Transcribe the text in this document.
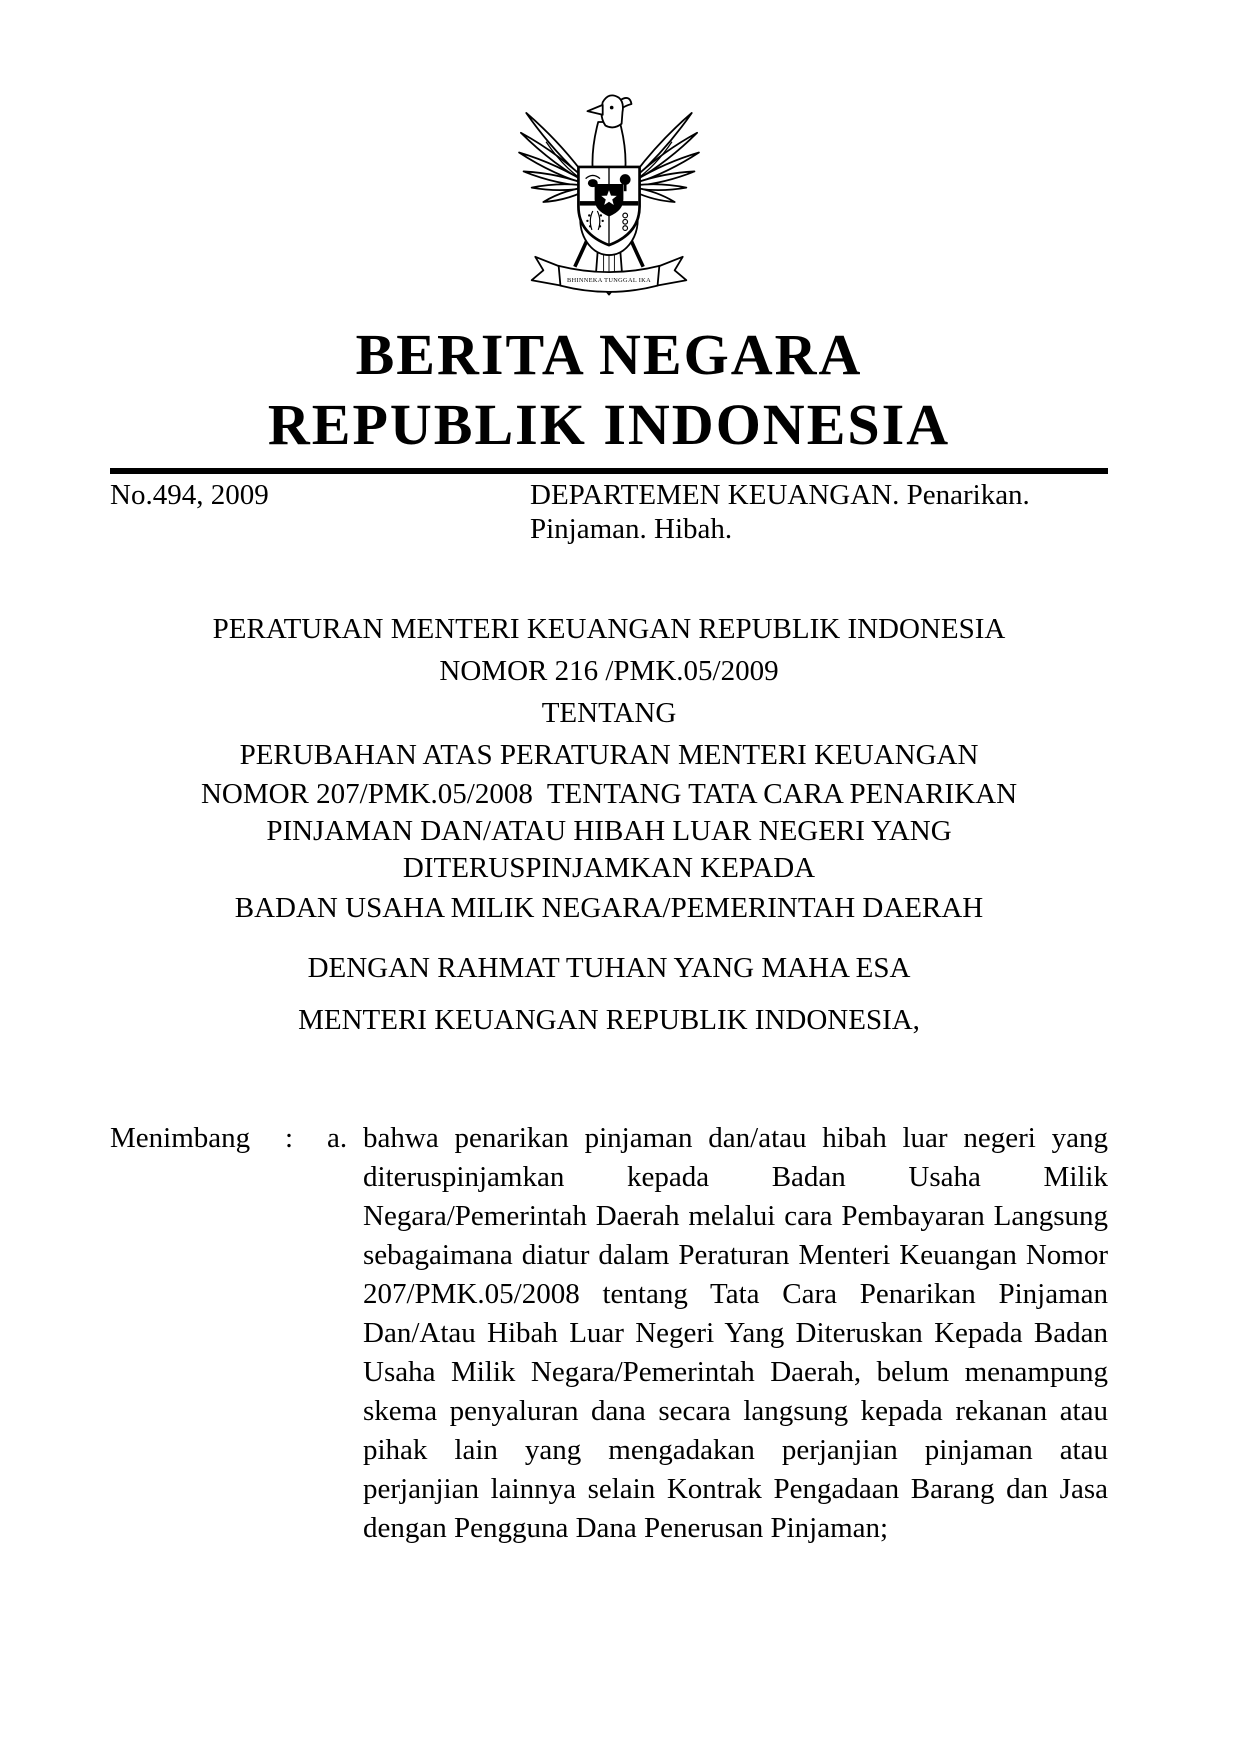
BHINNEKA TUNGGAL IKA
BERITA NEGARA
REPUBLIK INDONESIA
No.494, 2009	DEPARTEMEN KEUANGAN. Penarikan.
Pinjaman. Hibah.
PERATURAN MENTERI KEUANGAN REPUBLIK INDONESIA
NOMOR 216 /PMK.05/2009
TENTANG
PERUBAHAN ATAS PERATURAN MENTERI KEUANGAN
NOMOR 207/PMK.05/2008  TENTANG TATA CARA PENARIKAN
PINJAMAN DAN/ATAU HIBAH LUAR NEGERI YANG
DITERUSPINJAMKAN KEPADA
BADAN USAHA MILIK NEGARA/PEMERINTAH DAERAH
DENGAN RAHMAT TUHAN YANG MAHA ESA
MENTERI KEUANGAN REPUBLIK INDONESIA,
Menimbang	:	a. bahwa penarikan pinjaman dan/atau hibah luar negeri yang diteruspinjamkan kepada Badan Usaha Milik Negara/Pemerintah Daerah melalui cara Pembayaran Langsung sebagaimana diatur dalam Peraturan Menteri Keuangan Nomor 207/PMK.05/2008 tentang Tata Cara Penarikan Pinjaman Dan/Atau Hibah Luar Negeri Yang Diteruskan Kepada Badan Usaha Milik Negara/Pemerintah Daerah, belum menampung skema penyaluran dana secara langsung kepada rekanan atau pihak lain yang mengadakan perjanjian pinjaman atau perjanjian lainnya selain Kontrak Pengadaan Barang dan Jasa dengan Pengguna Dana Penerusan Pinjaman;
